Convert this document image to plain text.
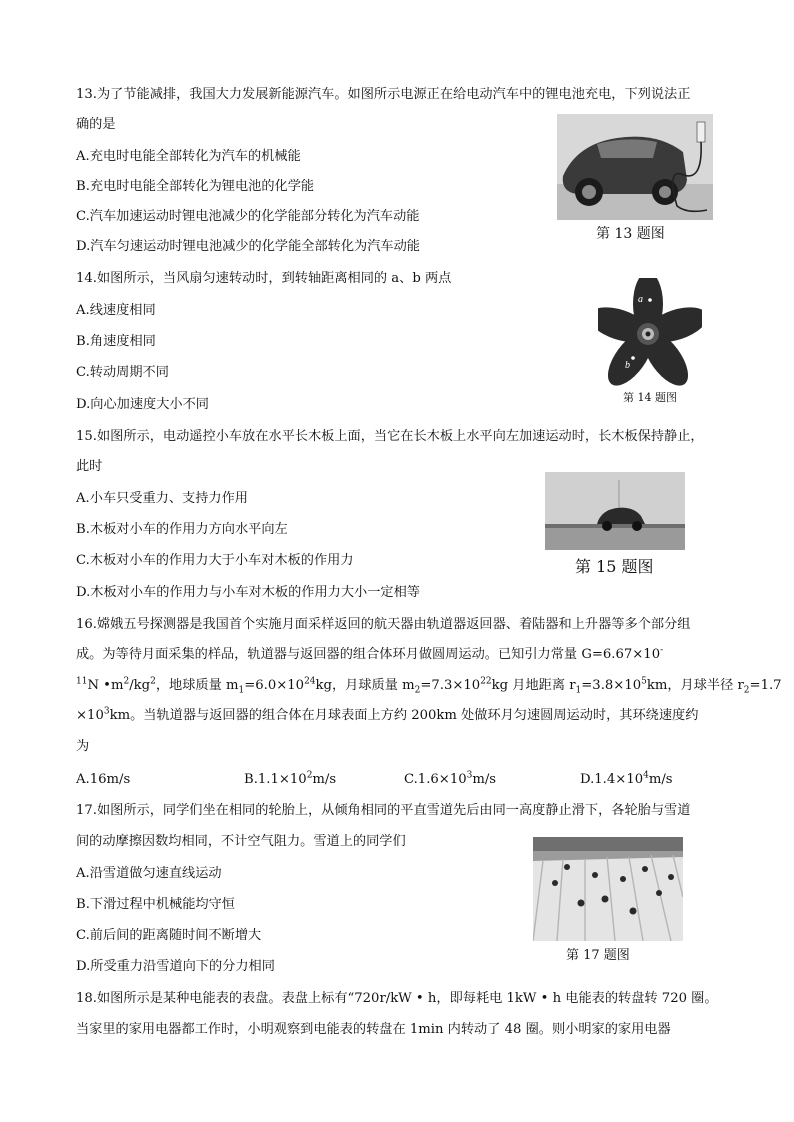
13.为了节能减排，我国大力发展新能源汽车。如图所示电源正在给电动汽车中的锂电池充电，下列说法正
确的是
A.充电时电能全部转化为汽车的机械能
B.充电时电能全部转化为锂电池的化学能
C.汽车加速运动时锂电池减少的化学能部分转化为汽车动能
D.汽车匀速运动时锂电池减少的化学能全部转化为汽车动能
第 13 题图
14.如图所示，当风扇匀速转动时，到转轴距离相同的 a、b 两点
A.线速度相同
B.角速度相同
C.转动周期不同
D.向心加速度大小不同
a
b
第 14 题图
15.如图所示，电动遥控小车放在水平长木板上面，当它在长木板上水平向左加速运动时，长木板保持静止，
此时
A.小车只受重力、支持力作用
B.木板对小车的作用力方向水平向左
C.木板对小车的作用力大于小车对木板的作用力
D.木板对小车的作用力与小车对木板的作用力大小一定相等
第 15 题图
16.嫦娥五号探测器是我国首个实施月面采样返回的航天器由轨道器返回器、着陆器和上升器等多个部分组
成。为等待月面采集的样品，轨道器与返回器的组合体环月做圆周运动。已知引力常量 G=6.67×10-
$^{11}$N $•m^2/kg^2$，地球质量 $m_1=6.0\times 10^{24}kg$，月球质量 $m_2=7.3\times 10^{22}kg$ 月地距离 $r_1=3.8\times 10^5km$，月球半径 $r_2=1.7$
$\times 10^3km$。当轨道器与返回器的组合体在月球表面上方约 200km 处做环月匀速圆周运动时，其环绕速度约
为
A.16m/s	$B.1.1\times 10^2m/s$	$C.1.6\times 10^3m/s$	$D.1.4\times 10^4m/s$
17.如图所示，同学们坐在相同的轮胎上，从倾角相同的平直雪道先后由同一高度静止滑下，各轮胎与雪道
间的动摩擦因数均相同，不计空气阻力。雪道上的同学们
A.沿雪道做匀速直线运动
B.下滑过程中机械能均守恒
C.前后间的距离随时间不断增大
D.所受重力沿雪道向下的分力相同
第 17 题图
18.如图所示是某种电能表的表盘。表盘上标有“720r/kW • h，即每耗电 1kW • h 电能表的转盘转 720 圈。
当家里的家用电器都工作时，小明观察到电能表的转盘在 1min 内转动了 48 圈。则小明家的家用电器
